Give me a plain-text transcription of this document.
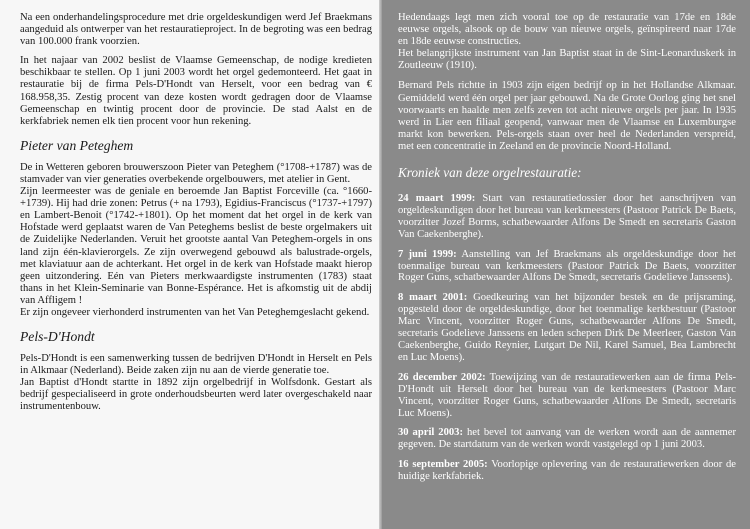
Na een onderhandelingsprocedure met drie orgeldeskundigen werd Jef Braekmans aangeduid als ontwerper van het restauratieproject. In de begroting was een bedrag van 100.000 frank voorzien.

In het najaar van 2002 beslist de Vlaamse Gemeenschap, de nodige kredieten beschikbaar te stellen. Op 1 juni 2003 wordt het orgel gedemonteerd. Het gaat in restauratie bij de firma Pels-D'Hondt van Herselt, voor een bedrag van € 168.958,35. Zestig procent van deze kosten wordt gedragen door de Vlaamse Gemeenschap en twintig procent door de provincie. De stad Aalst en de kerkfabriek nemen elk tien procent voor hun rekening.

Pieter van Peteghem

De in Wetteren geboren brouwerszoon Pieter van Peteghem (°1708-+1787) was de stamvader van vier generaties overbekende orgelbouwers, met atelier in Gent.

Zijn leermeester was de geniale en beroemde Jan Baptist Forceville (ca. °1660-+1739). Hij had drie zonen: Petrus (+ na 1793), Egidius-Franciscus (°1737-+1797) en Lambert-Benoit (°1742-+1801). Op het moment dat het orgel in de kerk van Hofstade werd geplaatst waren de Van Peteghems beslist de beste orgelmakers uit de Zuidelijke Nederlanden. Veruit het grootste aantal Van Peteghem-orgels in ons land zijn één-klavierorgels. Ze zijn overwegend gebouwd als balustrade-orgels, met klaviatuur aan de achterkant. Het orgel in de kerk van Hofstade maakt hierop geen uitzondering. Eén van Pieters merkwaardigste instrumenten (1783) staat thans in het Klein-Seminarie van Bonne-Espérance. Het is afkomstig uit de abdij van Affligem !

Er zijn ongeveer vierhonderd instrumenten van het Van Peteghemgeslacht gekend.

Pels-D'Hondt

Pels-D'Hondt is een samenwerking tussen de bedrijven D'Hondt in Herselt en Pels in Alkmaar (Nederland). Beide zaken zijn nu aan de vierde generatie toe.

Jan Baptist d'Hondt startte in 1892 zijn orgelbedrijf in Wolfsdonk. Gestart als bedrijf gespecialiseerd in grote onderhoudsbeurten werd later overgeschakeld naar instrumentenbouw.

Hedendaags legt men zich vooral toe op de restauratie van 17de en 18de eeuwse orgels, alsook op de bouw van nieuwe orgels, geïnspireerd naar 17de en 18de eeuwse constructies.

Het belangrijkste instrument van Jan Baptist staat in de Sint-Leonarduskerk in Zoutleeuw (1910).

Bernard Pels richtte in 1903 zijn eigen bedrijf op in het Hollandse Alkmaar. Gemiddeld werd één orgel per jaar gebouwd. Na de Grote Oorlog ging het snel voorwaarts en haalde men zelfs zeven tot acht nieuwe orgels per jaar. In 1935 werd in Lier een filiaal geopend, vanwaar men de Vlaamse en Luxemburgse markt kon bewerken. Pels-orgels staan over heel de Nederlanden verspreid, met een concentratie in Zeeland en de provincie Noord-Holland.

Kroniek van deze orgelrestauratie:
24 maart 1999: Start van restauratiedossier door het aanschrijven van orgeldeskundigen door het bureau van kerkmeesters (Pastoor Patrick De Baets, voorzitter Jozef Borms, schatbewaarder Alfons De Smedt en secretaris Gaston Van Caekenberghe).
7 juni 1999: Aanstelling van Jef Braekmans als orgeldeskundige door het toenmalige bureau van kerkmeesters (Pastoor Patrick De Baets, voorzitter Roger Guns, schatbewaarder Alfons De Smedt, secretaris Godelieve Janssens).
8 maart 2001: Goedkeuring van het bijzonder bestek en de prijsraming, opgesteld door de orgeldeskundige, door het toenmalige kerkbestuur (Pastoor Marc Vincent, voorzitter Roger Guns, schatbewaarder Alfons De Smedt, secretaris Godelieve Janssens en leden schepen Dirk De Meerleer, Gaston Van Caekenberghe, Guido Reynier, Lutgart De Nil, Karel Samuel, Bea Lambrecht en Luc Moens).
26 december 2002: Toewijzing van de restauratiewerken aan de firma Pels-D'Hondt uit Herselt door het bureau van de kerkmeesters (Pastoor Marc Vincent, voorzitter Roger Guns, schatbewaarder Alfons De Smedt, secretaris Luc Moens).
30 april 2003: het bevel tot aanvang van de werken wordt aan de aannemer gegeven. De startdatum van de werken wordt vastgelegd op 1 juni 2003.
16 september 2005: Voorlopige oplevering van de restauratiewerken door de huidige kerkfabriek.
